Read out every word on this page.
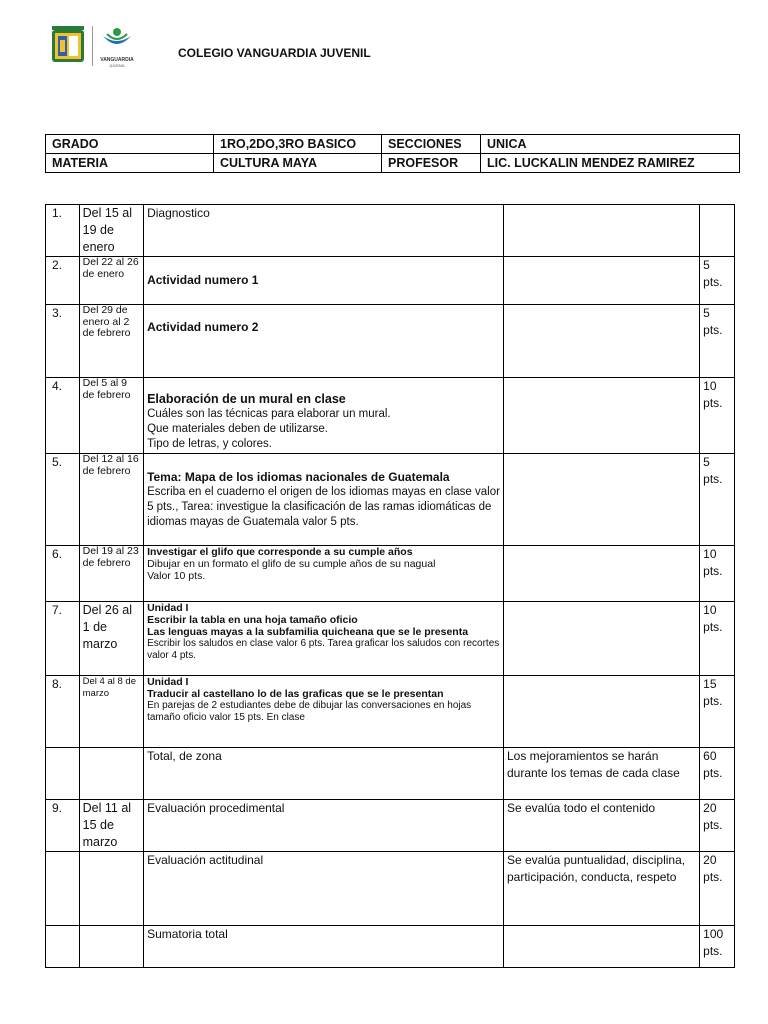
VANGUARDIA
JUVENIL
COLEGIO VANGUARDIA JUVENIL
GRADO	1RO,2DO,3RO BASICO	SECCIONES	UNICA
MATERIA	CULTURA MAYA	PROFESOR	LIC. LUCKALIN MENDEZ RAMIREZ
1.	Del 15 al 19 de enero	Diagnostico		
2.	Del 22 al 26 de enero	Actividad numero 1		5 pts.
3.	Del 29 de enero al 2 de febrero	Actividad numero 2		5 pts.
4.	Del 5 al 9 de febrero	Elaboración de un mural en clase
Cuáles son las técnicas para elaborar un mural.
Que materiales deben de utilizarse.
Tipo de letras, y colores.		10 pts.
5.	Del 12 al 16 de febrero	Tema: Mapa de los idiomas nacionales de Guatemala
Escriba en el cuaderno el origen de los idiomas mayas en clase valor 5 pts., Tarea: investigue la clasificación de las ramas idiomáticas de idiomas mayas de Guatemala valor 5 pts.		5 pts.
6.	Del 19 al 23 de febrero	Investigar el glifo que corresponde a su cumple años
Dibujar en un formato el glifo de su cumple años de su nagual
Valor 10 pts.		10 pts.
7.	Del 26 al 1 de marzo	Unidad I
Escribir la tabla en una hoja tamaño oficio
Las lenguas mayas a la subfamilia quicheana que se le presenta
Escribir los saludos en clase valor 6 pts. Tarea graficar los saludos con recortes valor 4 pts.		10 pts.
8.	Del 4 al 8 de marzo	Unidad I
Traducir al castellano lo de las graficas que se le presentan
En parejas de 2 estudiantes debe de dibujar las conversaciones en hojas tamaño oficio valor 15 pts. En clase		15 pts.
		Total, de zona	Los mejoramientos se harán durante los temas de cada clase	60 pts.
9.	Del 11 al 15 de marzo	Evaluación procedimental	Se evalúa todo el contenido	20 pts.
		Evaluación actitudinal	Se evalúa puntualidad, disciplina, participación, conducta, respeto	20 pts.
		Sumatoria total		100 pts.
